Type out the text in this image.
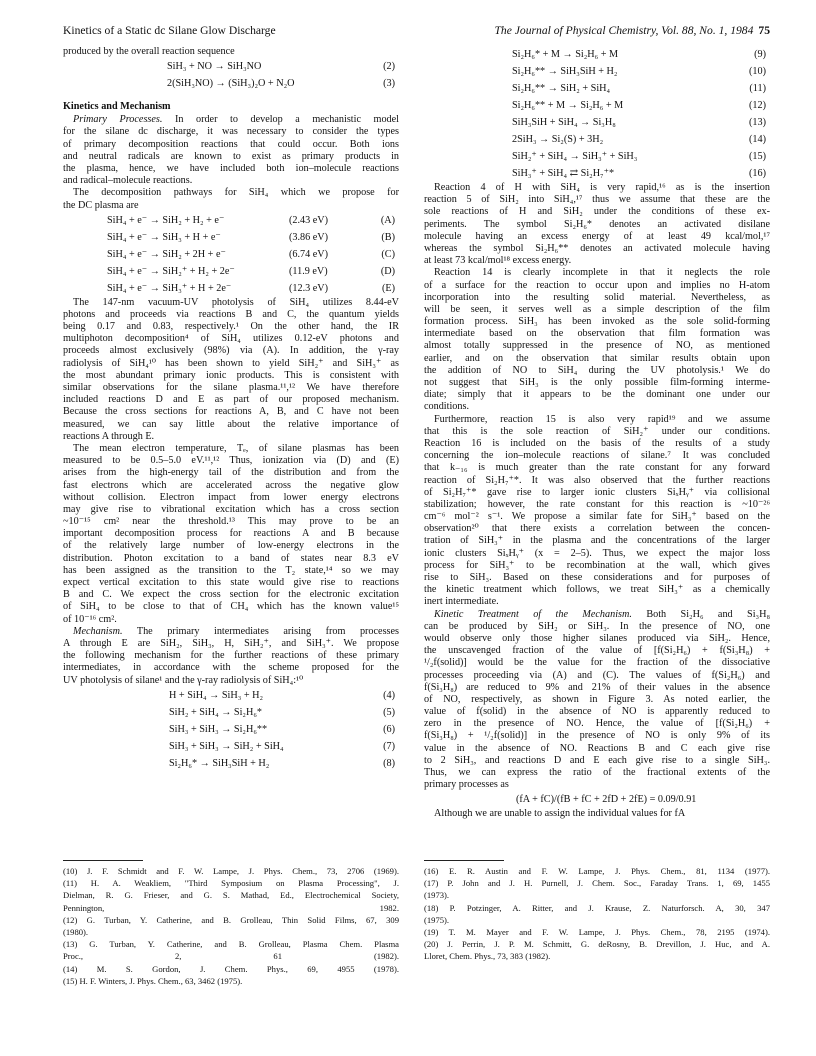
Kinetics of a Static dc Silane Glow Discharge	The Journal of Physical Chemistry, Vol. 88, No. 1, 1984 75
produced by the overall reaction sequence
SiH₃ + NO → SiH₃NO	(2)
2(SiH₃NO) → (SiH₃)₂O + N₂O	(3)
Kinetics and Mechanism
Primary Processes. In order to develop a mechanistic model
for the silane dc discharge, it was necessary to consider the types
of primary decomposition reactions that could occur. Both ions
and neutral radicals are known to exist as primary products in
the plasma, hence, we have included both ion–molecule reactions
and radical–molecule reactions.
The decomposition pathways for SiH₄ which we propose for
the DC plasma are
SiH₄ + e⁻ → SiH₂ + H₂ + e⁻	(2.43 eV)	(A)
SiH₄ + e⁻ → SiH₃ + H + e⁻	(3.86 eV)	(B)
SiH₄ + e⁻ → SiH₂ + 2H + e⁻	(6.74 eV)	(C)
SiH₄ + e⁻ → SiH₂⁺ + H₂ + 2e⁻	(11.9 eV)	(D)
SiH₄ + e⁻ → SiH₃⁺ + H + 2e⁻	(12.3 eV)	(E)
The 147-nm vacuum-UV photolysis of SiH₄ utilizes 8.44-eV
photons and proceeds via reactions B and C, the quantum yields
being 0.17 and 0.83, respectively.¹ On the other hand, the IR
multiphoton decomposition⁴ of SiH₄ utilizes 0.12-eV photons and
proceeds almost exclusively (98%) via (A). In addition, the γ-ray
radiolysis of SiH₄¹⁰ has been shown to yield SiH₂⁺ and SiH₃⁺ as
the most abundant primary ionic products. This is consistent with
similar observations for the silane plasma.¹¹,¹² We have therefore
included reactions D and E as part of our proposed mechanism.
Because the cross sections for reactions A, B, and C have not been
measured, we can say little about the relative importance of
reactions A through E.
The mean electron temperature, Tₑ, of silane plasmas has been
measured to be 0.5–5.0 eV.¹¹,¹² Thus, ionization via (D) and (E)
arises from the high-energy tail of the distribution and from the
fast electrons which are accelerated across the negative glow
without collision. Electron impact from lower energy electrons
may give rise to vibrational excitation which has a cross section
~10⁻¹⁵ cm² near the threshold.¹³ This may prove to be an
important decomposition process for reactions A and B because
of the relatively large number of low-energy electrons in the
distribution. Photon excitation to a band of states near 8.3 eV
has been assigned as the transition to the T₂ state,¹⁴ so we may
expect vertical excitation to this state would give rise to reactions
B and C. We expect the cross section for the electronic excitation
of SiH₄ to be close to that of CH₄ which has the known value¹⁵
of 10⁻¹⁶ cm².
Mechanism. The primary intermediates arising from processes
A through E are SiH₂, SiH₃, H, SiH₂⁺, and SiH₃⁺. We propose
the following mechanism for the further reactions of these primary
intermediates, in accordance with the scheme proposed for the
UV photolysis of silane¹ and the γ-ray radiolysis of SiH₄:¹⁰
H + SiH₄ → SiH₃ + H₂	(4)
SiH₂ + SiH₄ → Si₂H₆*	(5)
SiH₃ + SiH₃ → Si₂H₆**	(6)
SiH₃ + SiH₃ → SiH₂ + SiH₄	(7)
Si₂H₆* → SiH₃SiH + H₂	(8)
Si₂H₆* + M → Si₂H₆ + M	(9)
Si₂H₆** → SiH₃SiH + H₂	(10)
Si₂H₆** → SiH₂ + SiH₄	(11)
Si₂H₆** + M → Si₂H₆ + M	(12)
SiH₃SiH + SiH₄ → Si₃H₈	(13)
2SiH₃ → Si₂(S) + 3H₂	(14)
SiH₂⁺ + SiH₄ → SiH₃⁺ + SiH₃	(15)
SiH₃⁺ + SiH₄ ⇄ Si₂H₇⁺*	(16)
Reaction 4 of H with SiH₄ is very rapid,¹⁶ as is the insertion
reaction 5 of SiH₂ into SiH₄,¹⁷ thus we assume that these are the
sole reactions of H and SiH₂ under the conditions of these ex-
periments. The symbol Si₂H₆* denotes an activated disilane
molecule having an excess energy of at least 49 kcal/mol,¹⁷
whereas the symbol Si₂H₆** denotes an activated molecule having
at least 73 kcal/mol¹⁸ excess energy.
Reaction 14 is clearly incomplete in that it neglects the role
of a surface for the reaction to occur upon and implies no H-atom
incorporation into the resulting solid material. Nevertheless, as
will be seen, it serves well as a simple description of the film
formation process. SiH₃ has been invoked as the sole solid-forming
intermediate based on the observation that film formation was
almost totally suppressed in the presence of NO, as mentioned
earlier, and on the observation that similar results obtain upon
the addition of NO to SiH₄ during the UV photolysis.¹ We do
not suggest that SiH₃ is the only possible film-forming interme-
diate; simply that it appears to be the dominant one under our
conditions.
Furthermore, reaction 15 is also very rapid¹⁹ and we assume
that this is the sole reaction of SiH₂⁺ under our conditions.
Reaction 16 is included on the basis of the results of a study
concerning the ion–molecule reactions of silane.⁷ It was concluded
that k₋₁₆ is much greater than the rate constant for any forward
reaction of Si₂H₇⁺*. It was also observed that the further reactions
of Si₂H₇⁺* gave rise to larger ionic clusters SiₓHᵧ⁺ via collisional
stabilization; however, the rate constant for this reaction is ~10⁻²⁶
cm⁻⁶ mol⁻² s⁻¹. We propose a similar fate for SiH₃⁺ based on the
observation²⁰ that there exists a correlation between the concen-
tration of SiH₃⁺ in the plasma and the concentrations of the larger
ionic clusters SiₓHᵧ⁺ (x = 2–5). Thus, we expect the major loss
process for SiH₃⁺ to be recombination at the wall, which gives
rise to SiH₃. Based on these considerations and for purposes of
the kinetic treatment which follows, we treat SiH₃⁺ as a chemically
inert intermediate.
Kinetic Treatment of the Mechanism. Both Si₂H₆ and Si₃H₈
can be produced by SiH₂ or SiH₃. In the presence of NO, one
would observe only those higher silanes produced via SiH₂. Hence,
the unscavenged fraction of the value of [f(Si₂H₆) + f(Si₃H₈) +
¹/₂f(solid)] would be the value for the fraction of the dissociative
processes proceeding via (A) and (C). The values of f(Si₂H₆) and
f(Si₃H₈) are reduced to 9% and 21% of their values in the absence
of NO, respectively, as shown in Figure 3. As noted earlier, the
value of f(solid) in the absence of NO is apparently reduced to
zero in the presence of NO. Hence, the value of [f(Si₂H₆) +
f(Si₃H₈) + ¹/₂f(solid)] in the presence of NO is only 9% of its
value in the absence of NO. Reactions B and C each give rise
to 2 SiH₃, and reactions D and E each give rise to a single SiH₃.
Thus, we can express the ratio of the fractional extents of the
primary processes as
(fA + fC)/(fB + fC + 2fD + 2fE) = 0.09/0.91
Although we are unable to assign the individual values for fA
(10) J. F. Schmidt and F. W. Lampe, J. Phys. Chem., 73, 2706 (1969).
(11) H. A. Weakliem, "Third Symposium on Plasma Processing", J.
Dielman, R. G. Frieser, and G. S. Mathad, Ed., Electrochemical Society,
Pennington, 1982.
(12) G. Turban, Y. Catherine, and B. Grolleau, Thin Solid Films, 67, 309
(1980).
(13) G. Turban, Y. Catherine, and B. Grolleau, Plasma Chem. Plasma
Proc., 2, 61 (1982).
(14) M. S. Gordon, J. Chem. Phys., 69, 4955 (1978).
(15) H. F. Winters, J. Phys. Chem., 63, 3462 (1975).
(16) E. R. Austin and F. W. Lampe, J. Phys. Chem., 81, 1134 (1977).
(17) P. John and J. H. Purnell, J. Chem. Soc., Faraday Trans. 1, 69, 1455
(1973).
(18) P. Potzinger, A. Ritter, and J. Krause, Z. Naturforsch. A, 30, 347
(1975).
(19) T. M. Mayer and F. W. Lampe, J. Phys. Chem., 78, 2195 (1974).
(20) J. Perrin, J. P. M. Schmitt, G. deRosny, B. Drevillon, J. Huc, and A.
Lloret, Chem. Phys., 73, 383 (1982).
